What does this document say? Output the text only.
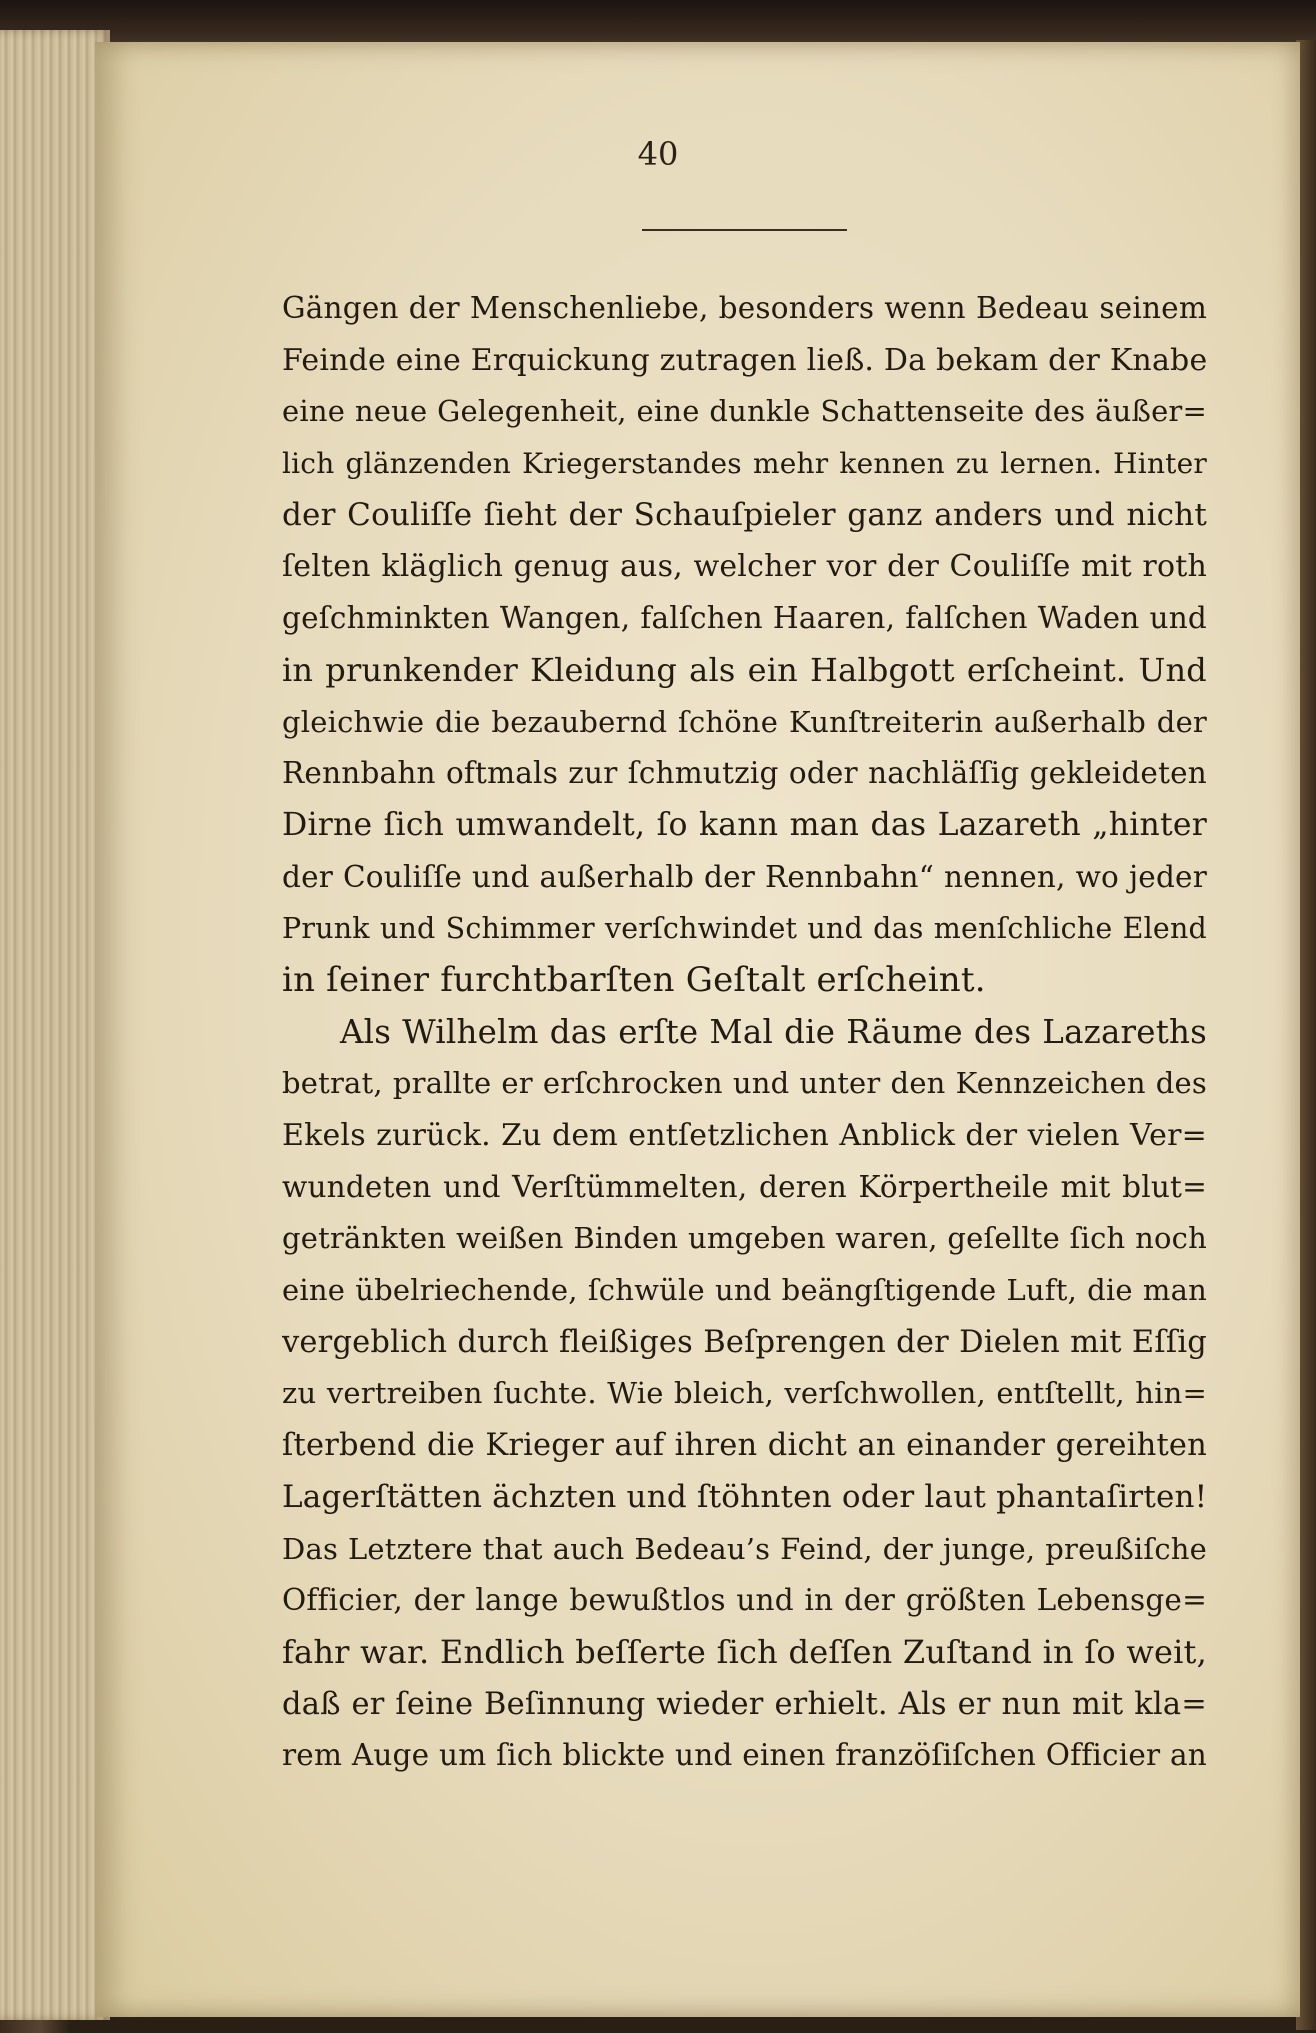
40
Gängen der Menschenliebe, besonders wenn Bedeau seinem
Feinde eine Erquickung zutragen ließ. Da bekam der Knabe
eine neue Gelegenheit, eine dunkle Schattenseite des äußer=
lich glänzenden Kriegerstandes mehr kennen zu lernen. Hinter
der Couliſſe ſieht der Schauſpieler ganz anders und nicht
ſelten kläglich genug aus, welcher vor der Couliſſe mit roth
geſchminkten Wangen, falſchen Haaren, falſchen Waden und
in prunkender Kleidung als ein Halbgott erſcheint. Und
gleichwie die bezaubernd ſchöne Kunſtreiterin außerhalb der
Rennbahn oftmals zur ſchmutzig oder nachläſſig gekleideten
Dirne ſich umwandelt, ſo kann man das Lazareth „hinter
der Couliſſe und außerhalb der Rennbahn“ nennen, wo jeder
Prunk und Schimmer verſchwindet und das menſchliche Elend
in ſeiner furchtbarſten Geſtalt erſcheint.
Als Wilhelm das erſte Mal die Räume des Lazareths
betrat, prallte er erſchrocken und unter den Kennzeichen des
Ekels zurück. Zu dem entſetzlichen Anblick der vielen Ver=
wundeten und Verſtümmelten, deren Körpertheile mit blut=
getränkten weißen Binden umgeben waren, geſellte ſich noch
eine übelriechende, ſchwüle und beängſtigende Luft, die man
vergeblich durch fleißiges Beſprengen der Dielen mit Eſſig
zu vertreiben ſuchte. Wie bleich, verſchwollen, entſtellt, hin=
ſterbend die Krieger auf ihren dicht an einander gereihten
Lagerſtätten ächzten und ſtöhnten oder laut phantaſirten!
Das Letztere that auch Bedeau’s Feind, der junge, preußiſche
Officier, der lange bewußtlos und in der größten Lebensge=
fahr war. Endlich beſſerte ſich deſſen Zuſtand in ſo weit,
daß er ſeine Beſinnung wieder erhielt. Als er nun mit kla=
rem Auge um ſich blickte und einen franzöſiſchen Officier an
